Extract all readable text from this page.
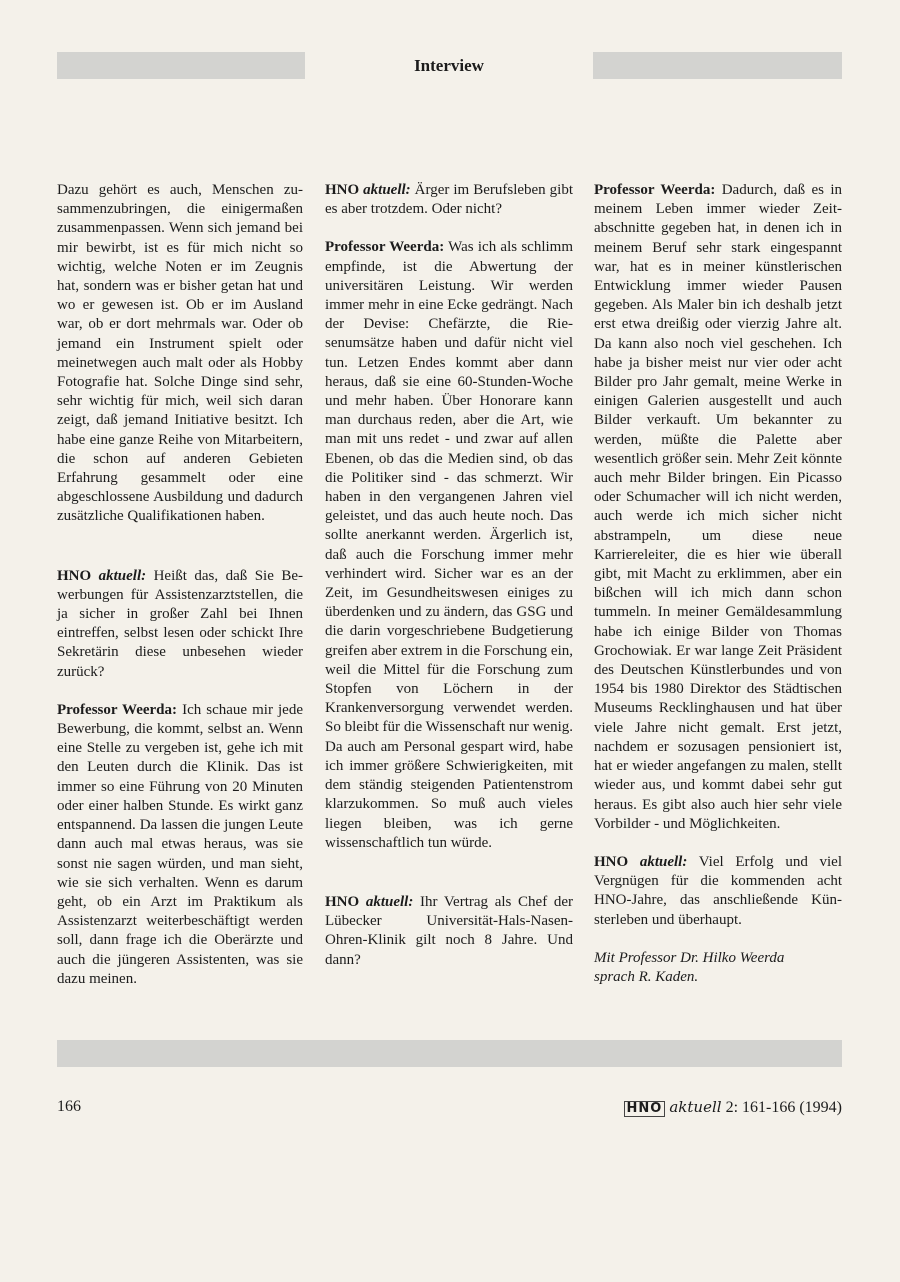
Interview

Dazu gehört es auch, Menschen zusammenzubringen, die einigermaßen zusammenpassen. Wenn sich jemand bei mir bewirbt, ist es für mich nicht so wichtig, welche Noten er im Zeugnis hat, sondern was er bisher getan hat und wo er gewesen ist. Ob er im Ausland war, ob er dort mehrmals war. Oder ob jemand ein Instrument spielt oder meinetwegen auch malt oder als Hobby Fotografie hat. Solche Dinge sind sehr, sehr wichtig für mich, weil sich daran zeigt, daß jemand Initiative besitzt. Ich habe eine ganze Reihe von Mitarbeitern, die schon auf anderen Gebieten Erfahrung gesammelt oder eine abgeschlossene Ausbildung und dadurch zusätzliche Qualifikationen haben.

HNO aktuell: Heißt das, daß Sie Bewerbungen für Assistenzarztstellen, die ja sicher in großer Zahl bei Ihnen eintreffen, selbst lesen oder schickt Ihre Sekretärin diese unbesehen wieder zurück?

Professor Weerda: Ich schaue mir jede Bewerbung, die kommt, selbst an. Wenn eine Stelle zu vergeben ist, gehe ich mit den Leuten durch die Klinik. Das ist immer so eine Führung von 20 Minuten oder einer halben Stunde. Es wirkt ganz entspannend. Da lassen die jungen Leute dann auch mal etwas heraus, was sie sonst nie sagen würden, und man sieht, wie sie sich verhalten. Wenn es darum geht, ob ein Arzt im Praktikum als Assistenzarzt weiterbeschäftigt werden soll, dann frage ich die Oberärzte und auch die jüngeren Assistenten, was sie dazu meinen.

HNO aktuell: Ärger im Berufsleben gibt es aber trotzdem. Oder nicht?

Professor Weerda: Was ich als schlimm empfinde, ist die Abwertung der universitären Leistung. Wir werden immer mehr in eine Ecke gedrängt. Nach der Devise: Chefärzte, die Riesenumsätze haben und dafür nicht viel tun. Letzen Endes kommt aber dann heraus, daß sie eine 60-Stunden-Woche und mehr haben. Über Honorare kann man durchaus reden, aber die Art, wie man mit uns redet - und zwar auf allen Ebenen, ob das die Medien sind, ob das die Politiker sind - das schmerzt. Wir haben in den vergangenen Jahren viel geleistet, und das auch heute noch. Das sollte anerkannt werden. Ärgerlich ist, daß auch die Forschung immer mehr verhindert wird. Sicher war es an der Zeit, im Gesundheitswesen einiges zu überdenken und zu ändern, das GSG und die darin vorgeschriebene Budgetierung greifen aber extrem in die Forschung ein, weil die Mittel für die Forschung zum Stopfen von Löchern in der Krankenversorgung verwendet werden. So bleibt für die Wissenschaft nur wenig. Da auch am Personal gespart wird, habe ich immer größere Schwierigkeiten, mit dem ständig steigenden Patientenstrom klarzukommen. So muß auch vieles liegen bleiben, was ich gerne wissenschaftlich tun würde.

HNO aktuell: Ihr Vertrag als Chef der Lübecker Universität-Hals-Nasen-Ohren-Klinik gilt noch 8 Jahre. Und dann?

Professor Weerda: Dadurch, daß es in meinem Leben immer wieder Zeitabschnitte gegeben hat, in denen ich in meinem Beruf sehr stark eingespannt war, hat es in meiner künstlerischen Entwicklung immer wieder Pausen gegeben. Als Maler bin ich deshalb jetzt erst etwa dreißig oder vierzig Jahre alt. Da kann also noch viel geschehen. Ich habe ja bisher meist nur vier oder acht Bilder pro Jahr gemalt, meine Werke in einigen Galerien ausgestellt und auch Bilder verkauft. Um bekannter zu werden, müßte die Palette aber wesentlich größer sein. Mehr Zeit könnte auch mehr Bilder bringen. Ein Picasso oder Schumacher will ich nicht werden, auch werde ich mich sicher nicht abstrampeln, um diese neue Karriereleiter, die es hier wie überall gibt, mit Macht zu erklimmen, aber ein bißchen will ich mich dann schon tummeln. In meiner Gemäldesammlung habe ich einige Bilder von Thomas Grochowiak. Er war lange Zeit Präsident des Deutschen Künstlerbundes und von 1954 bis 1980 Direktor des Städtischen Museums Recklinghausen und hat über viele Jahre nicht gemalt. Erst jetzt, nachdem er sozusagen pensioniert ist, hat er wieder angefangen zu malen, stellt wieder aus, und kommt dabei sehr gut heraus. Es gibt also auch hier sehr viele Vorbilder - und Möglichkeiten.

HNO aktuell: Viel Erfolg und viel Vergnügen für die kommenden acht HNO-Jahre, das anschließende Künsterleben und überhaupt.

Mit Professor Dr. Hilko Weerda
sprach R. Kaden.

166	HNO aktuell 2: 161-166 (1994)
